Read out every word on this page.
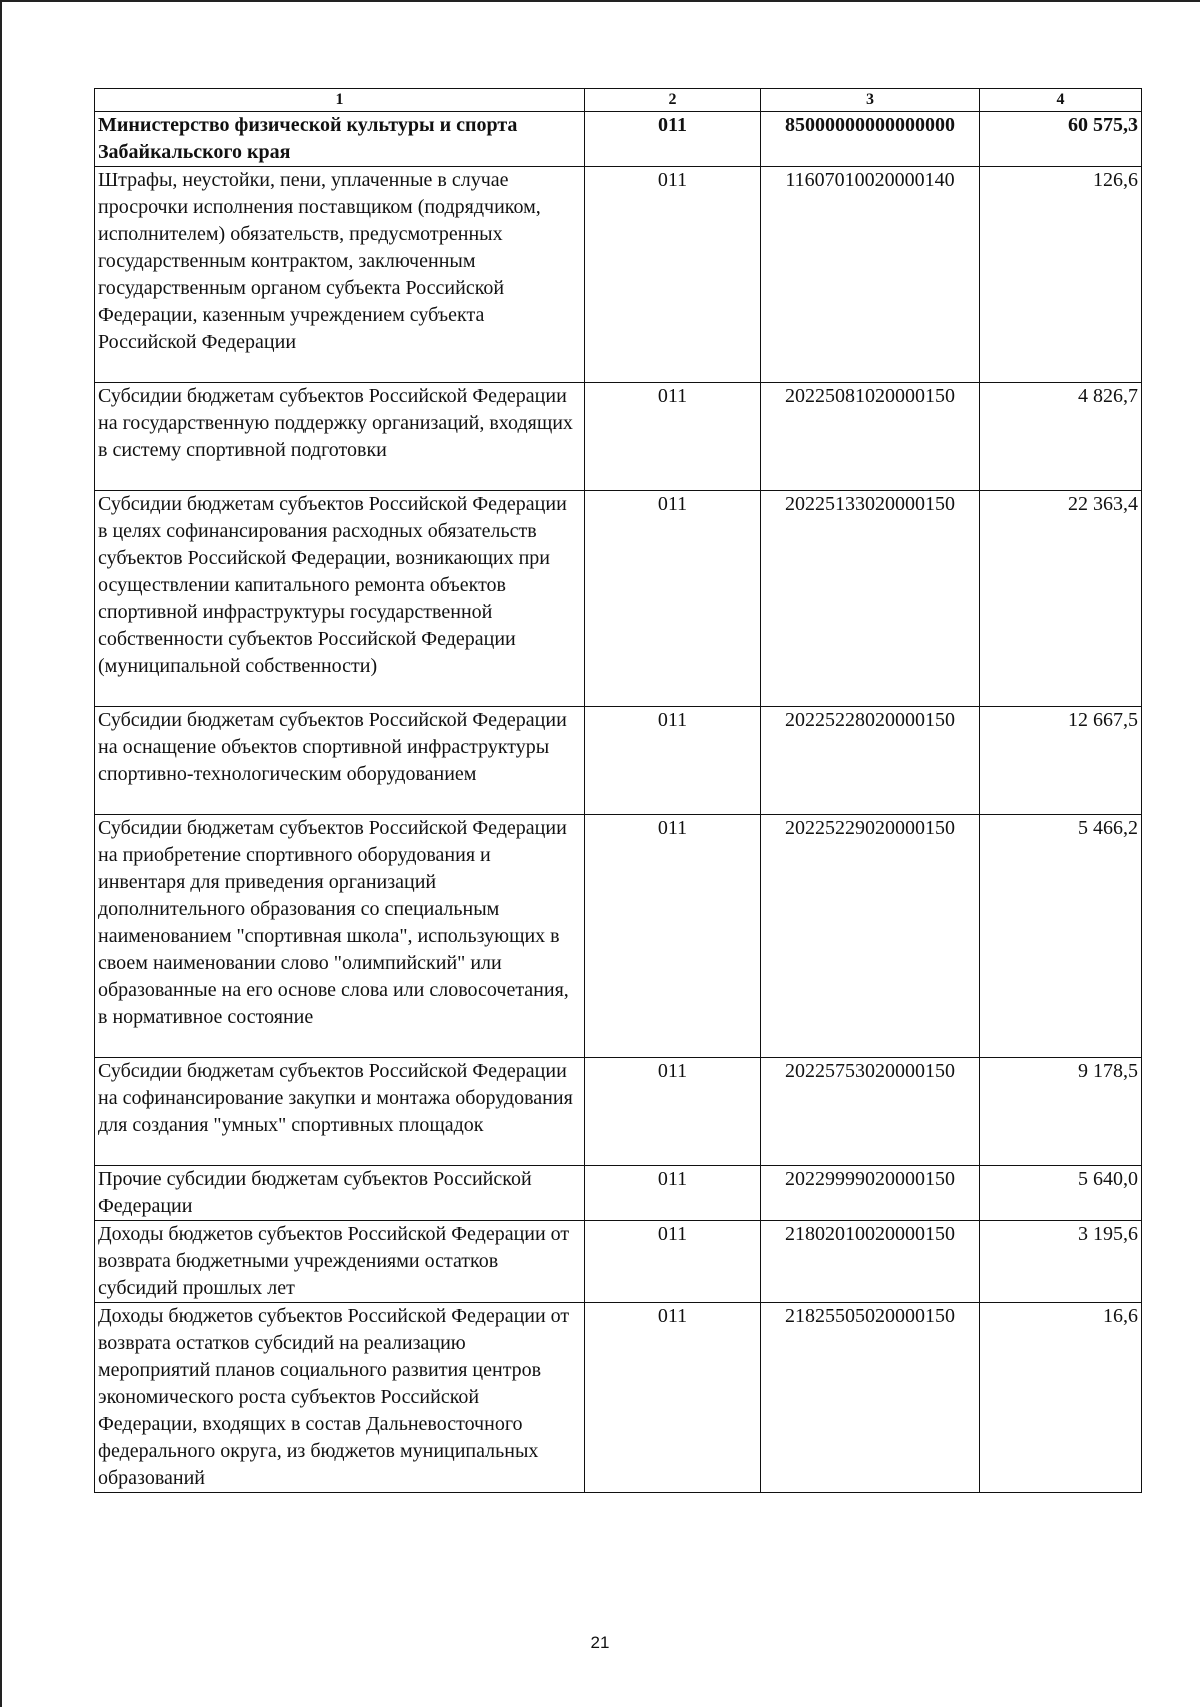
1	2	3	4
Министерство физической культуры и спорта Забайкальского края	011	85000000000000000	60 575,3
Штрафы, неустойки, пени, уплаченные в случае просрочки исполнения поставщиком (подрядчиком, исполнителем) обязательств, предусмотренных государственным контрактом, заключенным государственным органом субъекта Российской Федерации, казенным учреждением субъекта Российской Федерации	011	11607010020000140	126,6
Субсидии бюджетам субъектов Российской Федерации на государственную поддержку организаций, входящих в систему спортивной подготовки	011	20225081020000150	4 826,7
Субсидии бюджетам субъектов Российской Федерации в целях софинансирования расходных обязательств субъектов Российской Федерации, возникающих при осуществлении капитального ремонта объектов спортивной инфраструктуры государственной собственности субъектов Российской Федерации (муниципальной собственности)	011	20225133020000150	22 363,4
Субсидии бюджетам субъектов Российской Федерации на оснащение объектов спортивной инфраструктуры спортивно-технологическим оборудованием	011	20225228020000150	12 667,5
Субсидии бюджетам субъектов Российской Федерации на приобретение спортивного оборудования и инвентаря для приведения организаций дополнительного образования со специальным наименованием "спортивная школа", использующих в своем наименовании слово "олимпийский" или образованные на его основе слова или словосочетания, в нормативное состояние	011	20225229020000150	5 466,2
Субсидии бюджетам субъектов Российской Федерации на софинансирование закупки и монтажа оборудования для создания "умных" спортивных площадок	011	20225753020000150	9 178,5
Прочие субсидии бюджетам субъектов Российской Федерации	011	20229999020000150	5 640,0
Доходы бюджетов субъектов Российской Федерации от возврата бюджетными учреждениями остатков субсидий прошлых лет	011	21802010020000150	3 195,6
Доходы бюджетов субъектов Российской Федерации от возврата остатков субсидий на реализацию мероприятий планов социального развития центров экономического роста субъектов Российской Федерации, входящих в состав Дальневосточного федерального округа, из бюджетов муниципальных образований	011	21825505020000150	16,6
21
